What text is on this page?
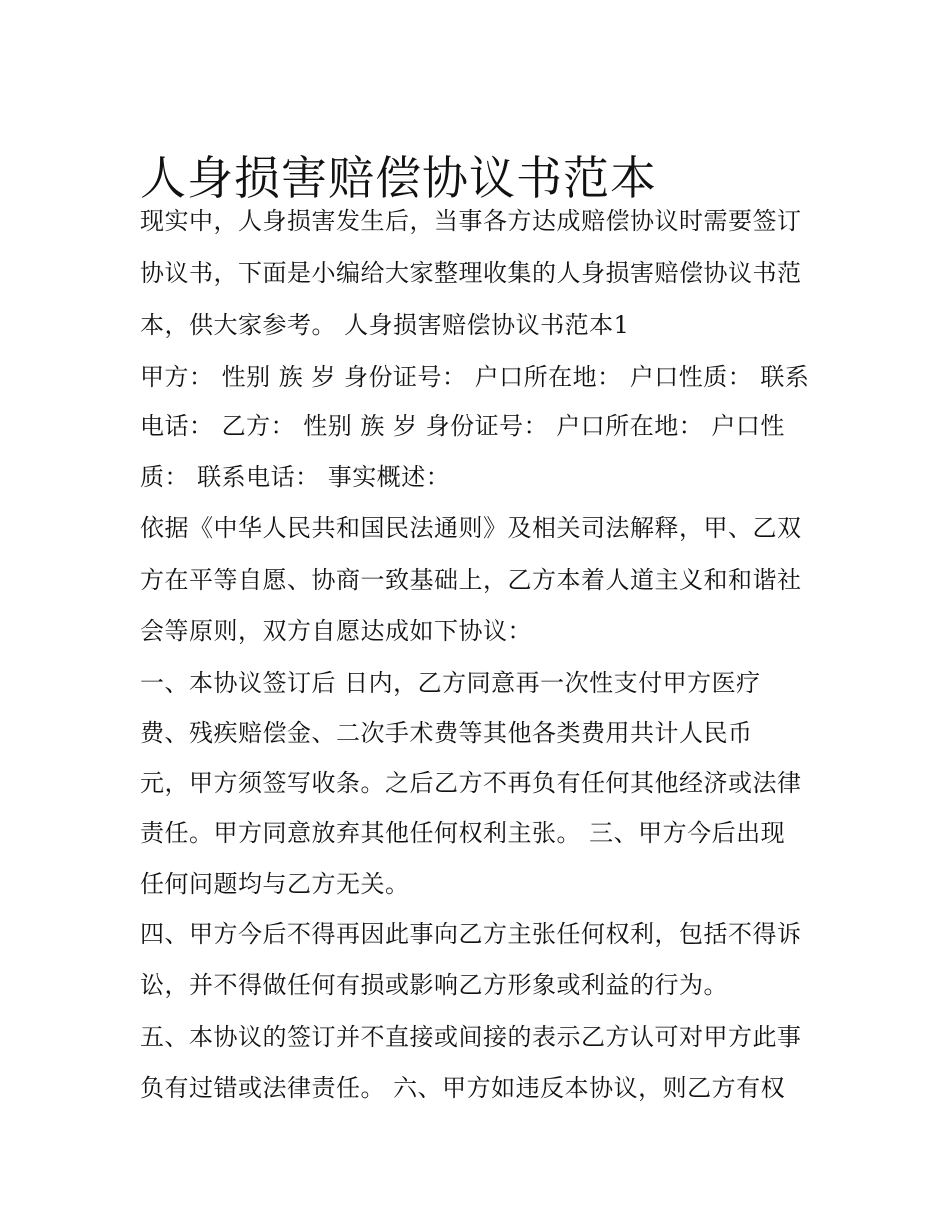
人身损害赔偿协议书范本
现实中，人身损害发生后，当事各方达成赔偿协议时需要签订
协议书，下面是小编给大家整理收集的人身损害赔偿协议书范
本，供大家参考。 人身损害赔偿协议书范本1
甲方： 性别 族 岁 身份证号： 户口所在地： 户口性质： 联系
电话： 乙方： 性别 族 岁 身份证号： 户口所在地： 户口性
质： 联系电话： 事实概述：
依据《中华人民共和国民法通则》及相关司法解释，甲、乙双
方在平等自愿、协商一致基础上，乙方本着人道主义和和谐社
会等原则，双方自愿达成如下协议：
一、本协议签订后 日内，乙方同意再一次性支付甲方医疗
费、残疾赔偿金、二次手术费等其他各类费用共计人民币
元，甲方须签写收条。之后乙方不再负有任何其他经济或法律
责任。甲方同意放弃其他任何权利主张。 三、甲方今后出现
任何问题均与乙方无关。
四、甲方今后不得再因此事向乙方主张任何权利，包括不得诉
讼，并不得做任何有损或影响乙方形象或利益的行为。
五、本协议的签订并不直接或间接的表示乙方认可对甲方此事
负有过错或法律责任。 六、甲方如违反本协议，则乙方有权
